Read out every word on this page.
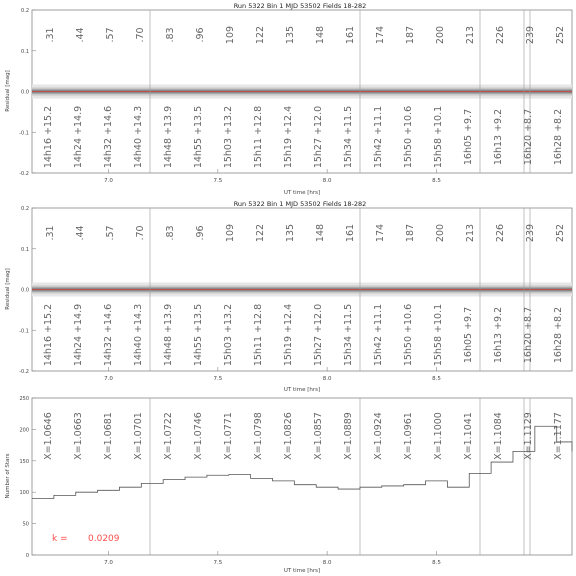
Run 5322 Bin 1 MJD 53502 Fields 18-282
-0.2
-0.1
0.0
0.1
0.2
7.0	7.5	8.0	8.5
Residual [mag]
UT time [hrs]
.31 .44 .57 .70 .83 .96 109 122 135 148 161 174 187 200 213 226 239 252
14h16 +15.2 14h24 +14.9 14h32 +14.6 14h40 +14.3 14h48 +13.9 14h55 +13.5 15h03 +13.2 15h11 +12.8 15h19 +12.4 15h27 +12.0 15h34 +11.5 15h42 +11.1 15h50 +10.6 15h58 +10.1 16h05 +9.7 16h13 +9.2 16h20 +8.7 16h28 +8.2
Run 5322 Bin 1 MJD 53502 Fields 18-282
-0.2
-0.1
0.0
0.1
0.2
7.0	7.5	8.0	8.5
Residual [mag]
UT time [hrs]
.31 .44 .57 .70 .83 .96 109 122 135 148 161 174 187 200 213 226 239 252
14h16 +15.2 14h24 +14.9 14h32 +14.6 14h40 +14.3 14h48 +13.9 14h55 +13.5 15h03 +13.2 15h11 +12.8 15h19 +12.4 15h27 +12.0 15h34 +11.5 15h42 +11.1 15h50 +10.6 15h58 +10.1 16h05 +9.7 16h13 +9.2 16h20 +8.7 16h28 +8.2
0
50
100
150
200
250
7.0	7.5	8.0	8.5
Number of Stars
UT time [hrs]
X=1.0646 X=1.0663 X=1.0681 X=1.0701 X=1.0722 X=1.0746 X=1.0771 X=1.0798 X=1.0826 X=1.0857 X=1.0889 X=1.0924 X=1.0961 X=1.1000 X=1.1041 X=1.1084 X=1.1129 X=1.1177
k = 0.0209
